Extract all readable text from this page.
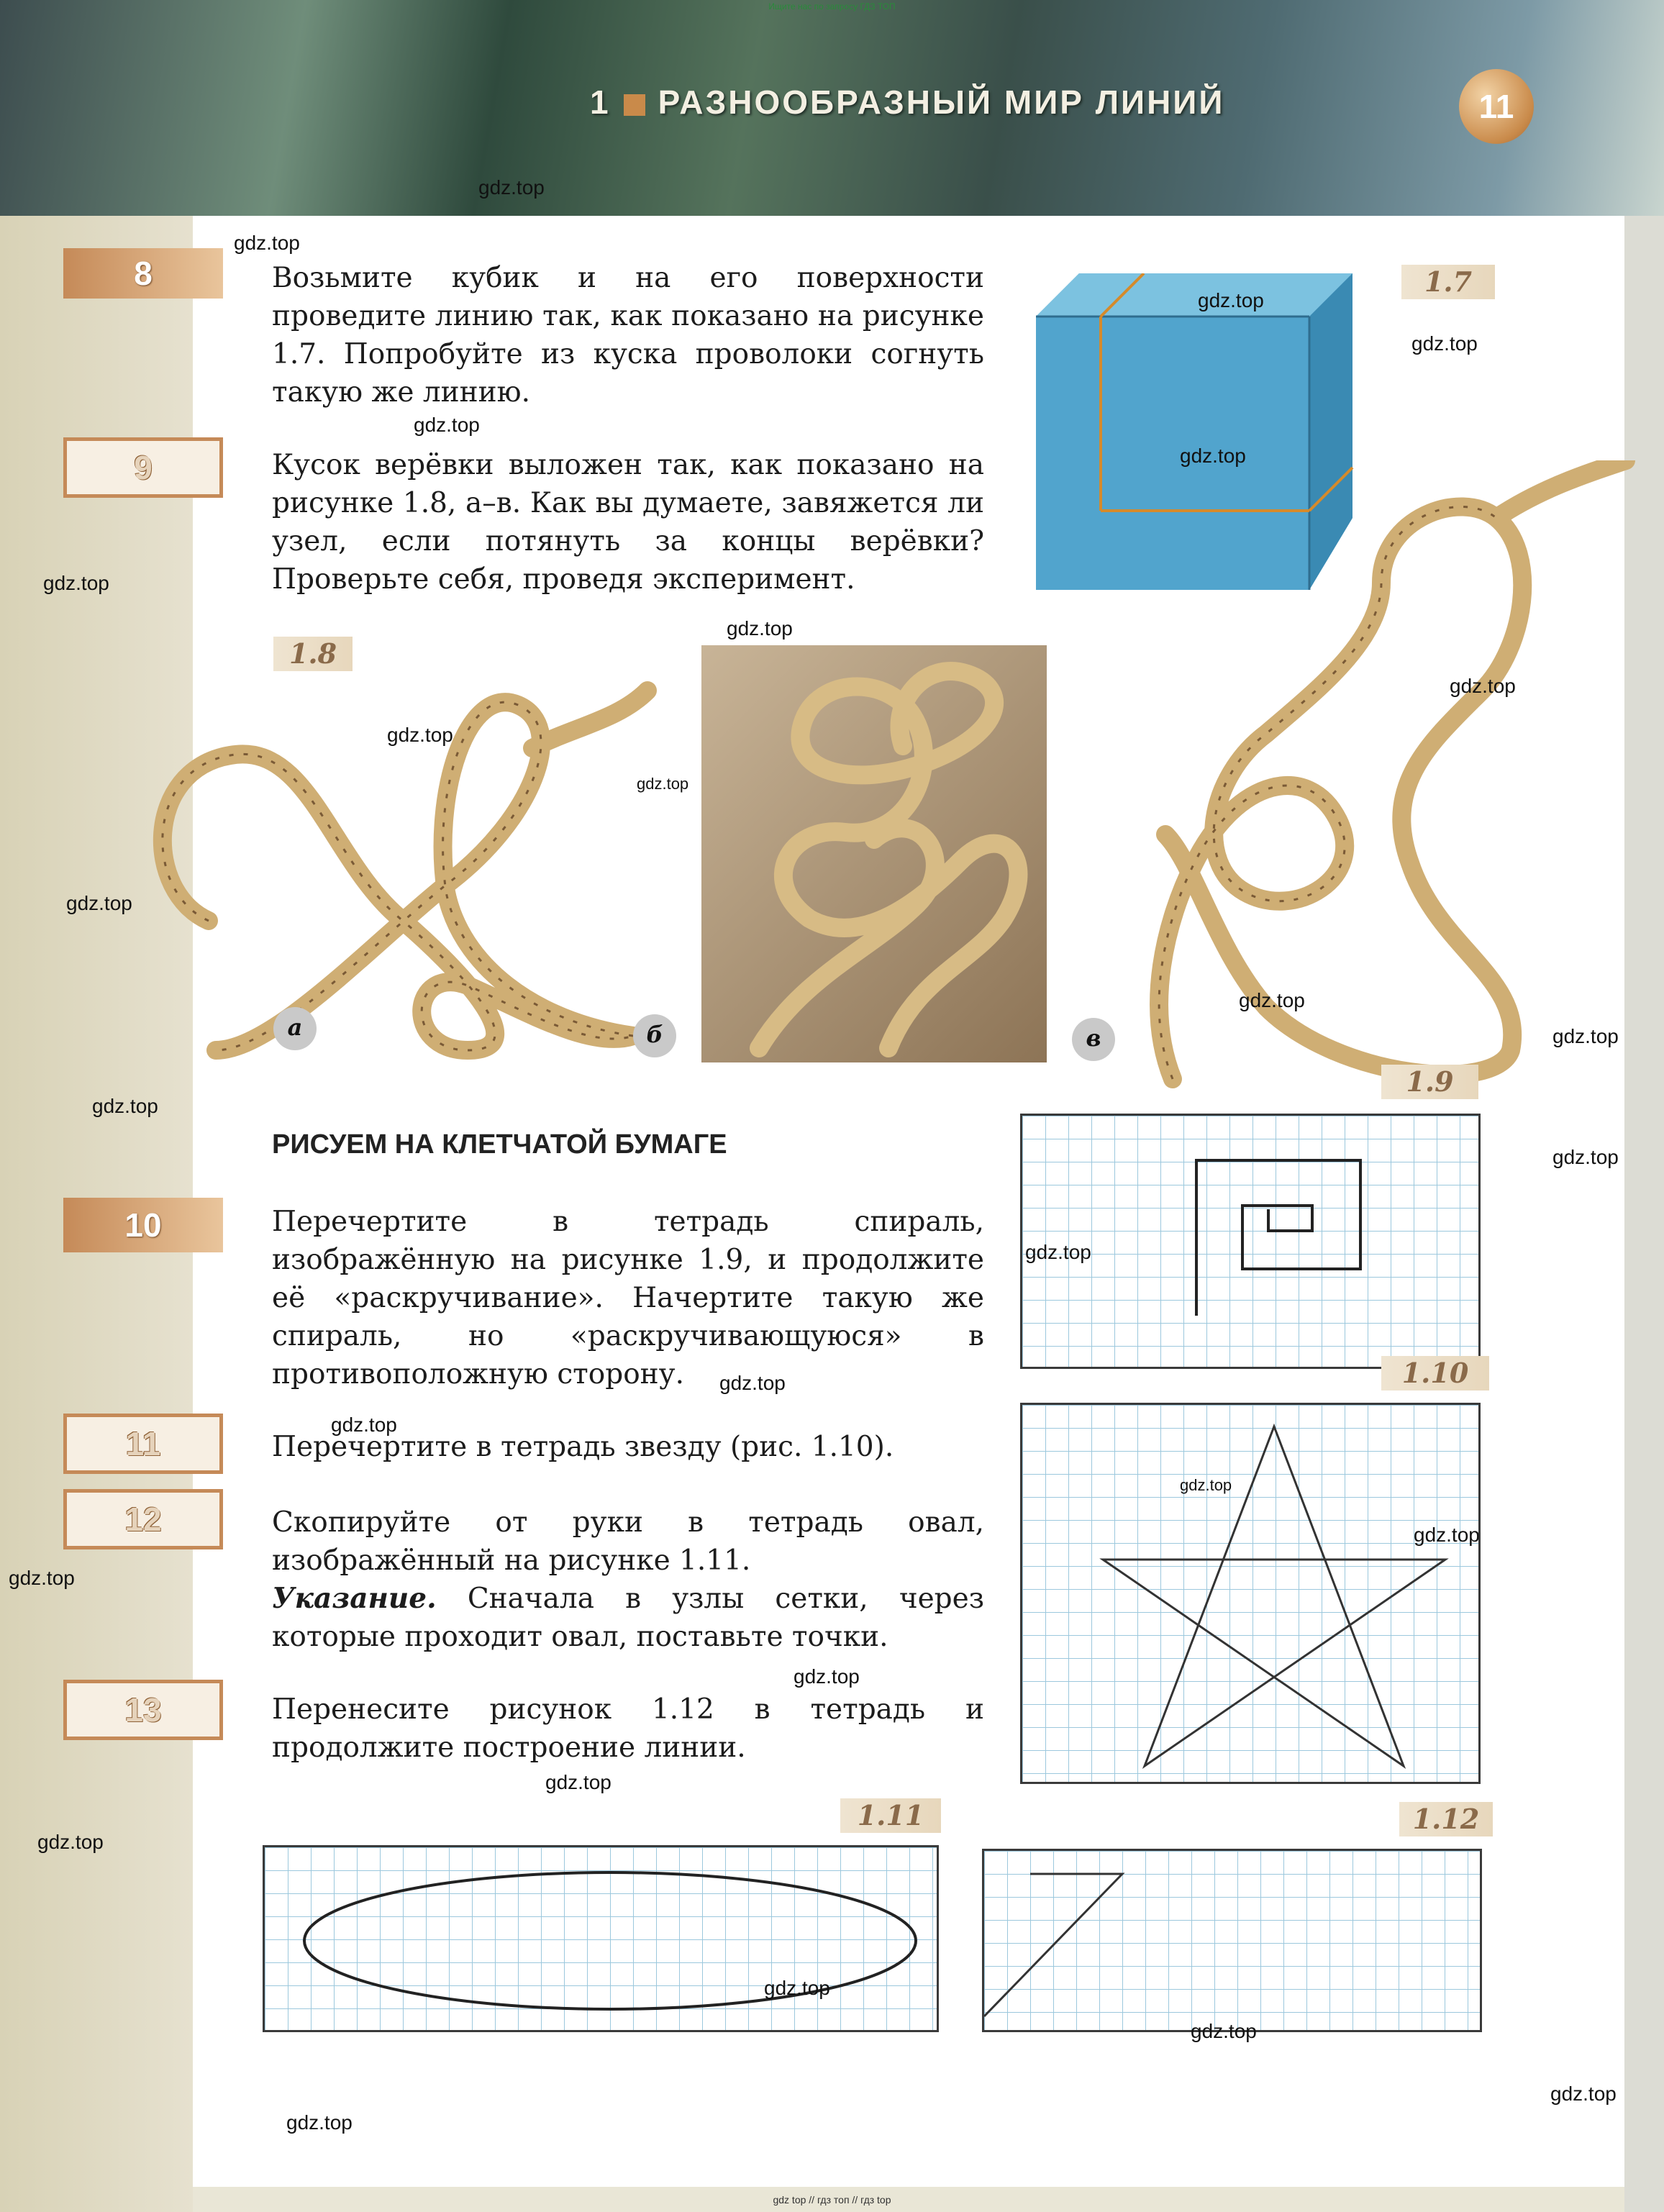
Ищите нас по запросу ГДЗ ТОП
1 РАЗНООБРАЗНЫЙ МИР ЛИНИЙ	11
8	Возьмите кубик и на его поверхности проведите линию так, как показано на рисунке 1.7. Попробуйте из куска проволоки согнуть такую же линию.
9	Кусок верёвки выложен так, как показано на рисунке 1.8, а–в. Как вы думаете, завяжется ли узел, если потянуть за концы верёвки? Проверьте себя, проведя эксперимент.
1.7
1.8
а	б	в
РИСУЕМ НА КЛЕТЧАТОЙ БУМАГЕ
10	Перечертите в тетрадь спираль, изображённую на рисунке 1.9, и продолжите её «раскручивание». Начертите такую же спираль, но «раскручивающуюся» в противоположную сторону.
11	Перечертите в тетрадь звезду (рис. 1.10).
12	Скопируйте от руки в тетрадь овал, изображённый на рисунке 1.11.
Указание. Сначала в узлы сетки, через которые проходит овал, поставьте точки.
13	Перенесите рисунок 1.12 в тетрадь и продолжите построение линии.
1.9
1.10
1.11	1.12
gdz.top
gdz.top
gdz.top
gdz.top
gdz.top
gdz.top
gdz.top
gdz.top
gdz.top
gdz.top
gdz.top
gdz.top
gdz.top
gdz.top
gdz.top
gdz.top
gdz.top
gdz.top
gdz.top
gdz.top
gdz.top
gdz.top
gdz.top
gdz.top
gdz.top
gdz.top
gdz.top
gdz.top
gdz.top
gdz top // гдз топ // гдз top
